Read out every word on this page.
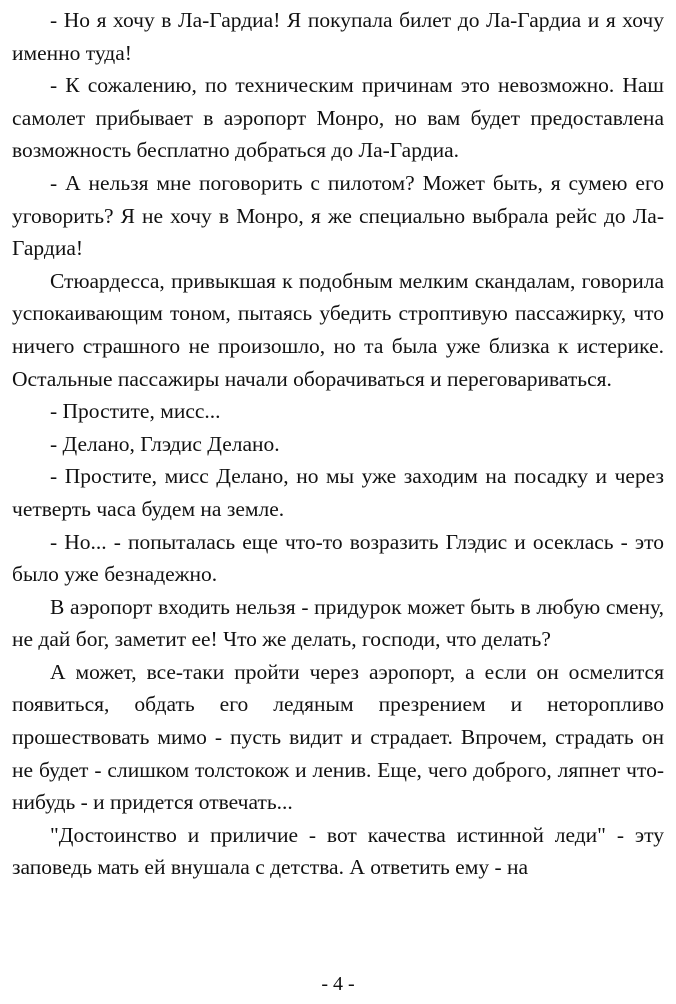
- Но я хочу в Ла-Гардиа! Я покупала билет до Ла-Гардиа и я хочу именно туда!

- К сожалению, по техническим причинам это невозможно. Наш самолет прибывает в аэропорт Монро, но вам будет предоставлена возможность бесплатно добраться до Ла-Гардиа.

- А нельзя мне поговорить с пилотом? Может быть, я сумею его уговорить? Я не хочу в Монро, я же специально выбрала рейс до Ла-Гардиа!

Стюардесса, привыкшая к подобным мелким скандалам, говорила успокаивающим тоном, пытаясь убедить строптивую пассажирку, что ничего страшного не произошло, но та была уже близка к истерике. Остальные пассажиры начали оборачиваться и переговариваться.

- Простите, мисс...

- Делано, Глэдис Делано.

- Простите, мисс Делано, но мы уже заходим на посадку и через четверть часа будем на земле.

- Но... - попыталась еще что-то возразить Глэдис и осеклась - это было уже безнадежно.

В аэропорт входить нельзя - придурок может быть в любую смену, не дай бог, заметит ее! Что же делать, господи, что делать?

А может, все-таки пройти через аэропорт, а если он осмелится появиться, обдать его ледяным презрением и неторопливо прошествовать мимо - пусть видит и страдает. Впрочем, страдать он не будет - слишком толстокож и ленив. Еще, чего доброго, ляпнет что-нибудь - и придется отвечать...

"Достоинство и приличие - вот качества истинной леди" - эту заповедь мать ей внушала с детства. А ответить ему - на

- 4 -
